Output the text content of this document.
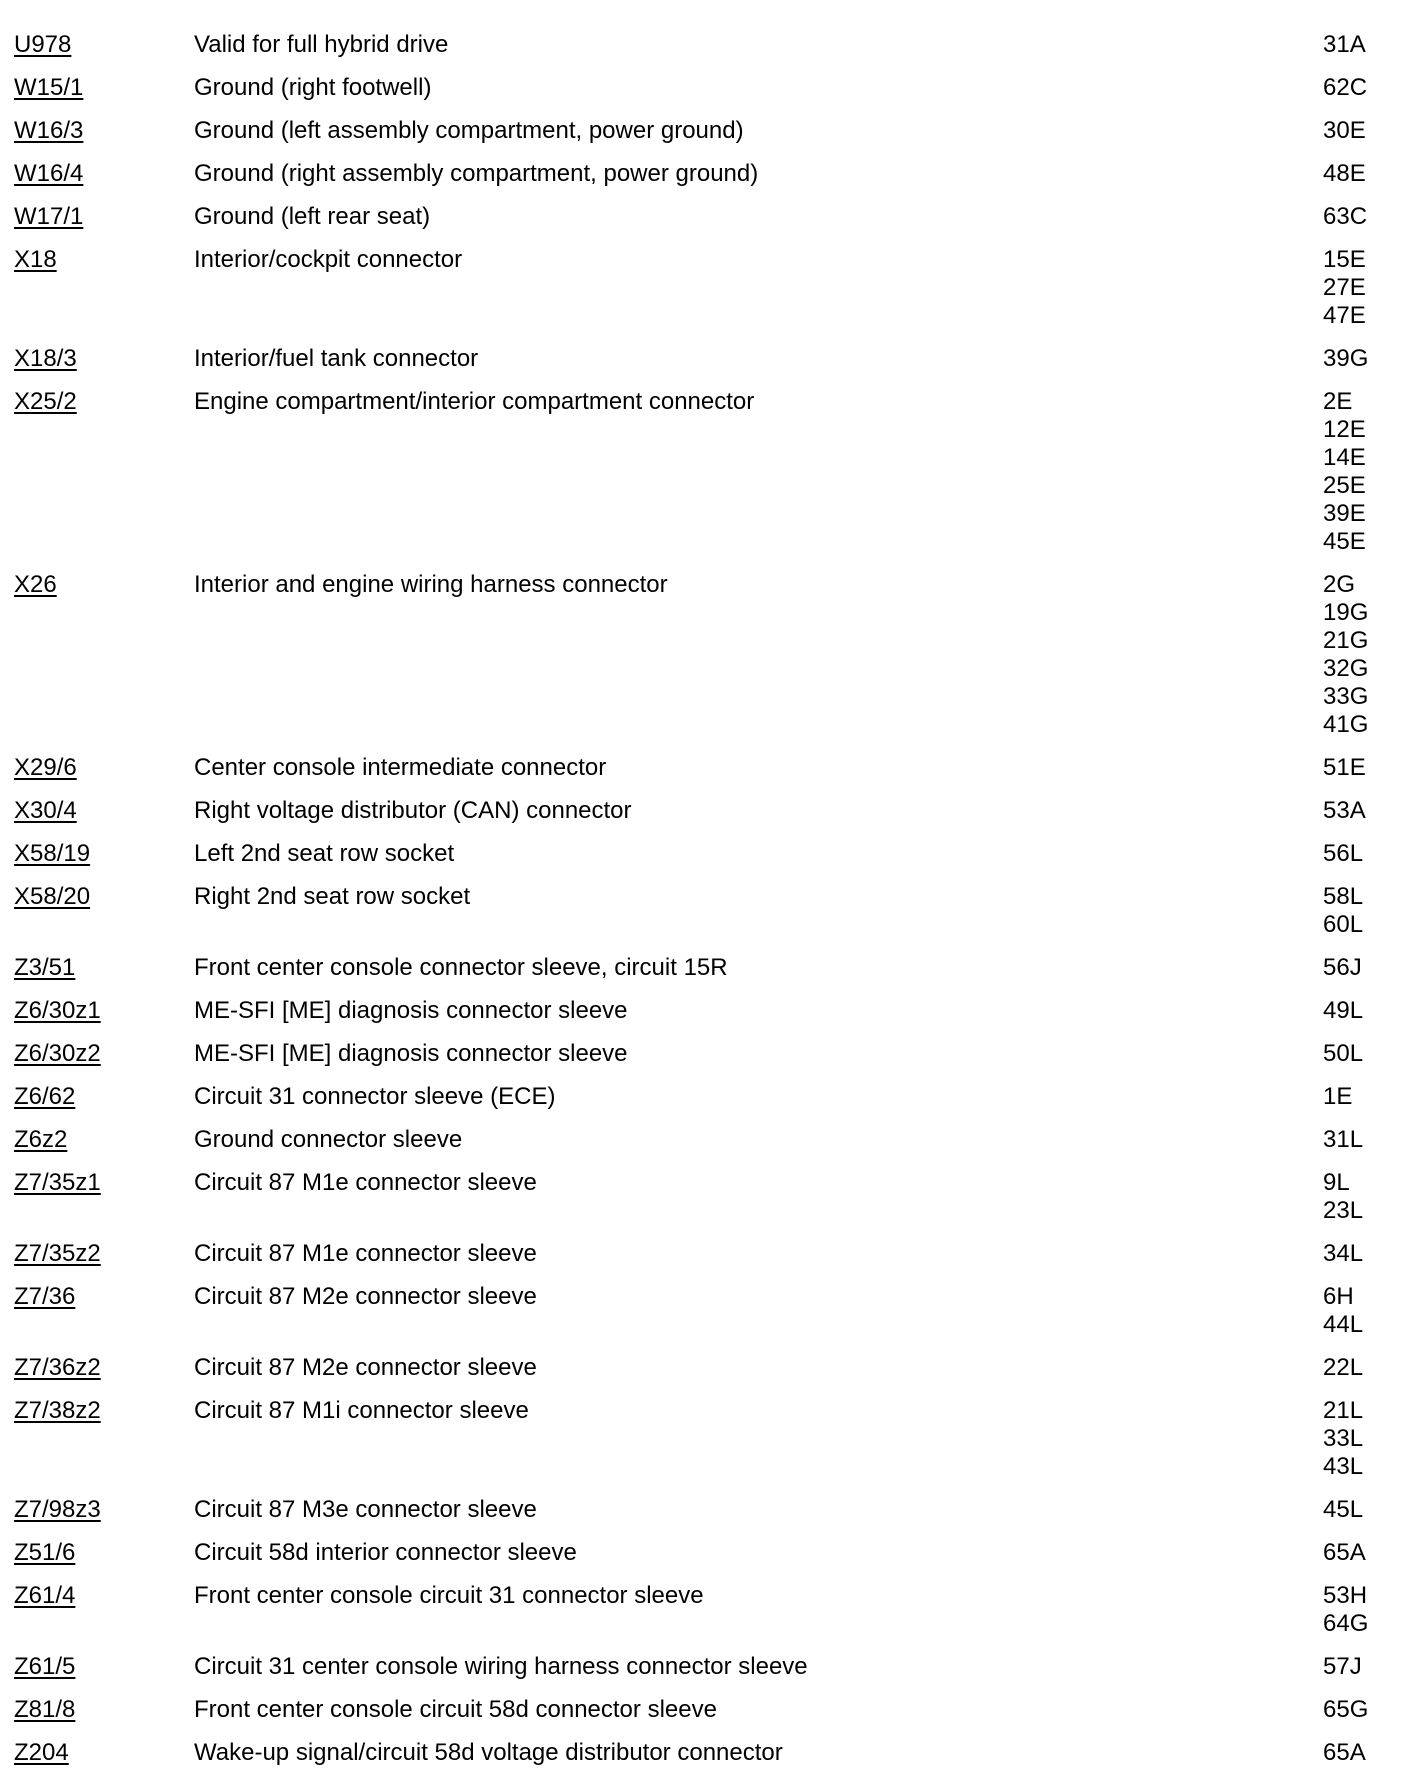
U978	Valid for full hybrid drive	31A
W15/1	Ground (right footwell)	62C
W16/3	Ground (left assembly compartment, power ground)	30E
W16/4	Ground (right assembly compartment, power ground)	48E
W17/1	Ground (left rear seat)	63C
X18	Interior/cockpit connector	15E
27E
47E
X18/3	Interior/fuel tank connector	39G
X25/2	Engine compartment/interior compartment connector	2E
12E
14E
25E
39E
45E
X26	Interior and engine wiring harness connector	2G
19G
21G
32G
33G
41G
X29/6	Center console intermediate connector	51E
X30/4	Right voltage distributor (CAN) connector	53A
X58/19	Left 2nd seat row socket	56L
X58/20	Right 2nd seat row socket	58L
60L
Z3/51	Front center console connector sleeve, circuit 15R	56J
Z6/30z1	ME-SFI [ME] diagnosis connector sleeve	49L
Z6/30z2	ME-SFI [ME] diagnosis connector sleeve	50L
Z6/62	Circuit 31 connector sleeve (ECE)	1E
Z6z2	Ground connector sleeve	31L
Z7/35z1	Circuit 87 M1e connector sleeve	9L
23L
Z7/35z2	Circuit 87 M1e connector sleeve	34L
Z7/36	Circuit 87 M2e connector sleeve	6H
44L
Z7/36z2	Circuit 87 M2e connector sleeve	22L
Z7/38z2	Circuit 87 M1i connector sleeve	21L
33L
43L
Z7/98z3	Circuit 87 M3e connector sleeve	45L
Z51/6	Circuit 58d interior connector sleeve	65A
Z61/4	Front center console circuit 31 connector sleeve	53H
64G
Z61/5	Circuit 31 center console wiring harness connector sleeve	57J
Z81/8	Front center console circuit 58d connector sleeve	65G
Z204	Wake-up signal/circuit 58d voltage distributor connector	65A
